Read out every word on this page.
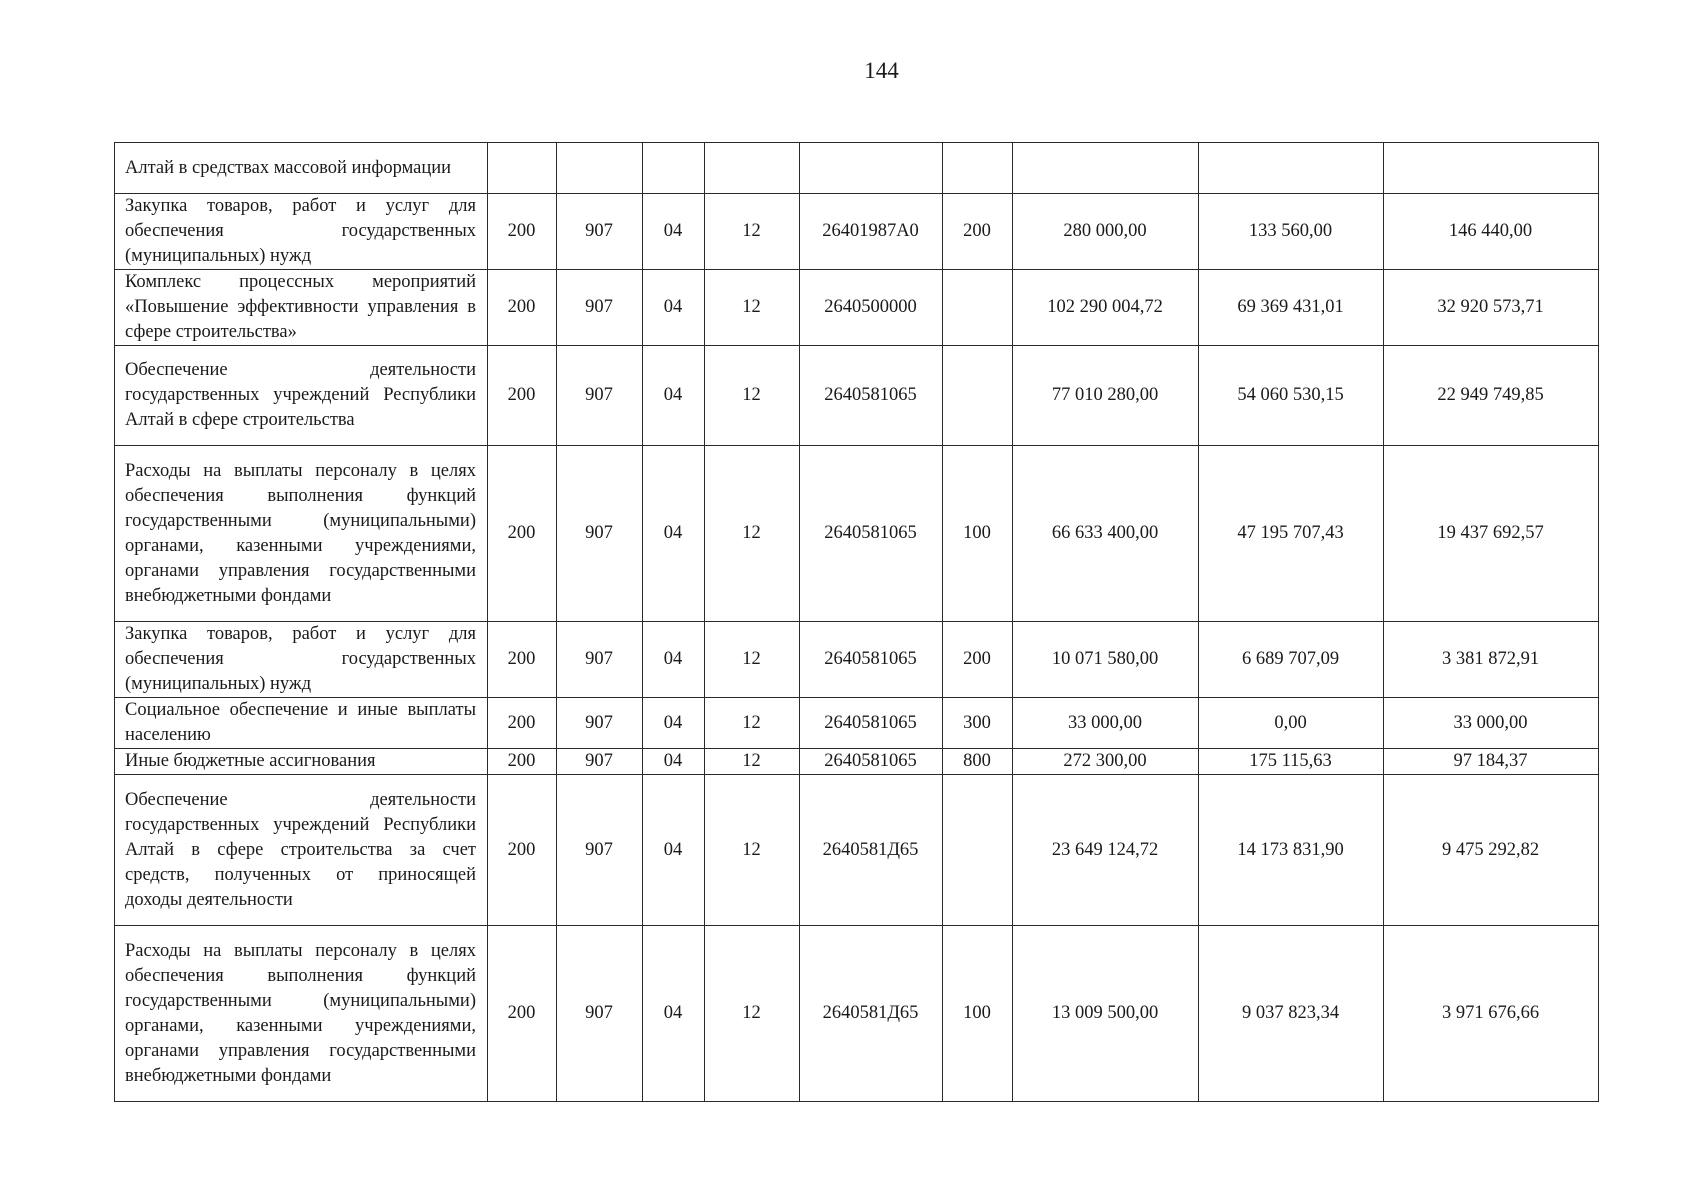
144
Алтай в средствах массовой информации									
Закупка товаров, работ и услуг для обеспечения государственных (муниципальных) нужд	200	907	04	12	26401987А0	200	280 000,00	133 560,00	146 440,00
Комплекс процессных мероприятий «Повышение эффективности управления в сфере строительства»	200	907	04	12	2640500000		102 290 004,72	69 369 431,01	32 920 573,71
Обеспечение деятельности государственных учреждений Республики Алтай в сфере строительства	200	907	04	12	2640581065		77 010 280,00	54 060 530,15	22 949 749,85
Расходы на выплаты персоналу в целях обеспечения выполнения функций государственными (муниципальными) органами, казенными учреждениями, органами управления государственными внебюджетными фондами	200	907	04	12	2640581065	100	66 633 400,00	47 195 707,43	19 437 692,57
Закупка товаров, работ и услуг для обеспечения государственных (муниципальных) нужд	200	907	04	12	2640581065	200	10 071 580,00	6 689 707,09	3 381 872,91
Социальное обеспечение и иные выплаты населению	200	907	04	12	2640581065	300	33 000,00	0,00	33 000,00
Иные бюджетные ассигнования	200	907	04	12	2640581065	800	272 300,00	175 115,63	97 184,37
Обеспечение деятельности государственных учреждений Республики Алтай в сфере строительства за счет средств, полученных от приносящей доходы деятельности	200	907	04	12	2640581Д65		23 649 124,72	14 173 831,90	9 475 292,82
Расходы на выплаты персоналу в целях обеспечения выполнения функций государственными (муниципальными) органами, казенными учреждениями, органами управления государственными внебюджетными фондами	200	907	04	12	2640581Д65	100	13 009 500,00	9 037 823,34	3 971 676,66
